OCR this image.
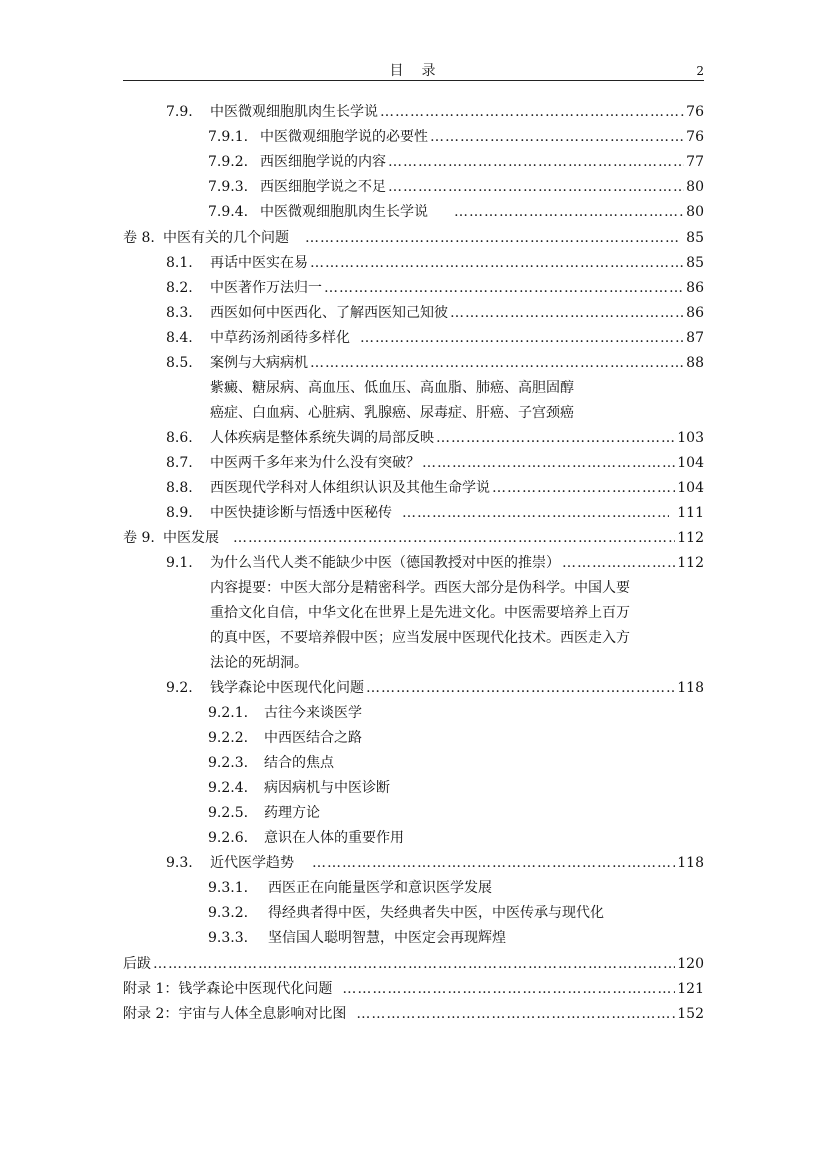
目　录	2
7.9.	中医微观细胞肌肉生长学说 ……………………………………………………………………………………………………………………………………………………	76
7.9.1. 中医微观细胞学说的必要性 ……………………………………………………………………………………………………………………………………………………	76
7.9.2. 西医细胞学说的内容 ……………………………………………………………………………………………………………………………………………………	77
7.9.3. 西医细胞学说之不足 ……………………………………………………………………………………………………………………………………………………	80
7.9.4. 中医微观细胞肌肉生长学说 ……………………………………………………………………………………………………………………………………………………	80
卷 8. 中医有关的几个问题 ……………………………………………………………………………………………………………………………………………………	85
8.1.	再话中医实在易 ……………………………………………………………………………………………………………………………………………………	85
8.2.	中医著作万法归一 ……………………………………………………………………………………………………………………………………………………	86
8.3.	西医如何中医西化、了解西医知己知彼 ……………………………………………………………………………………………………………………………………………………	86
8.4.	中草药汤剂函待多样化 ……………………………………………………………………………………………………………………………………………………	87
8.5.	案例与大病病机 ……………………………………………………………………………………………………………………………………………………	88
紫癜、糖尿病、高血压、低血压、高血脂、肺癌、高胆固醇
癌症、白血病、心脏病、乳腺癌、尿毒症、肝癌、子宫颈癌
8.6.	人体疾病是整体系统失调的局部反映 ……………………………………………………………………………………………………………………………………………………	103
8.7.	中医两千多年来为什么没有突破？ ……………………………………………………………………………………………………………………………………………………	104
8.8.	西医现代学科对人体组织认识及其他生命学说 ……………………………………………………………………………………………………………………………………………………	104
8.9.	中医快捷诊断与悟透中医秘传 ……………………………………………………………………………………………………………………………………………………	111
卷 9. 中医发展 ……………………………………………………………………………………………………………………………………………………	112
9.1.	为什么当代人类不能缺少中医（德国教授对中医的推崇） ……………………………………………………………………………………………………………………………………………………	112
内容提要：中医大部分是精密科学。西医大部分是伪科学。中国人要
重拾文化自信，中华文化在世界上是先进文化。中医需要培养上百万
的真中医，不要培养假中医；应当发展中医现代化技术。西医走入方
法论的死胡洞。
9.2.	钱学森论中医现代化问题 ……………………………………………………………………………………………………………………………………………………	118
9.2.1. 古往今来谈医学
9.2.2. 中西医结合之路
9.2.3. 结合的焦点
9.2.4. 病因病机与中医诊断
9.2.5. 药理方论
9.2.6. 意识在人体的重要作用
9.3.	近代医学趋势 ……………………………………………………………………………………………………………………………………………………	118
9.3.1. 西医正在向能量医学和意识医学发展
9.3.2. 得经典者得中医，失经典者失中医，中医传承与现代化
9.3.3. 坚信国人聪明智慧，中医定会再现辉煌
后跋 ……………………………………………………………………………………………………………………………………………………	120
附录 1：钱学森论中医现代化问题 ……………………………………………………………………………………………………………………………………………………	121
附录 2：宇宙与人体全息影响对比图 ……………………………………………………………………………………………………………………………………………………	152
